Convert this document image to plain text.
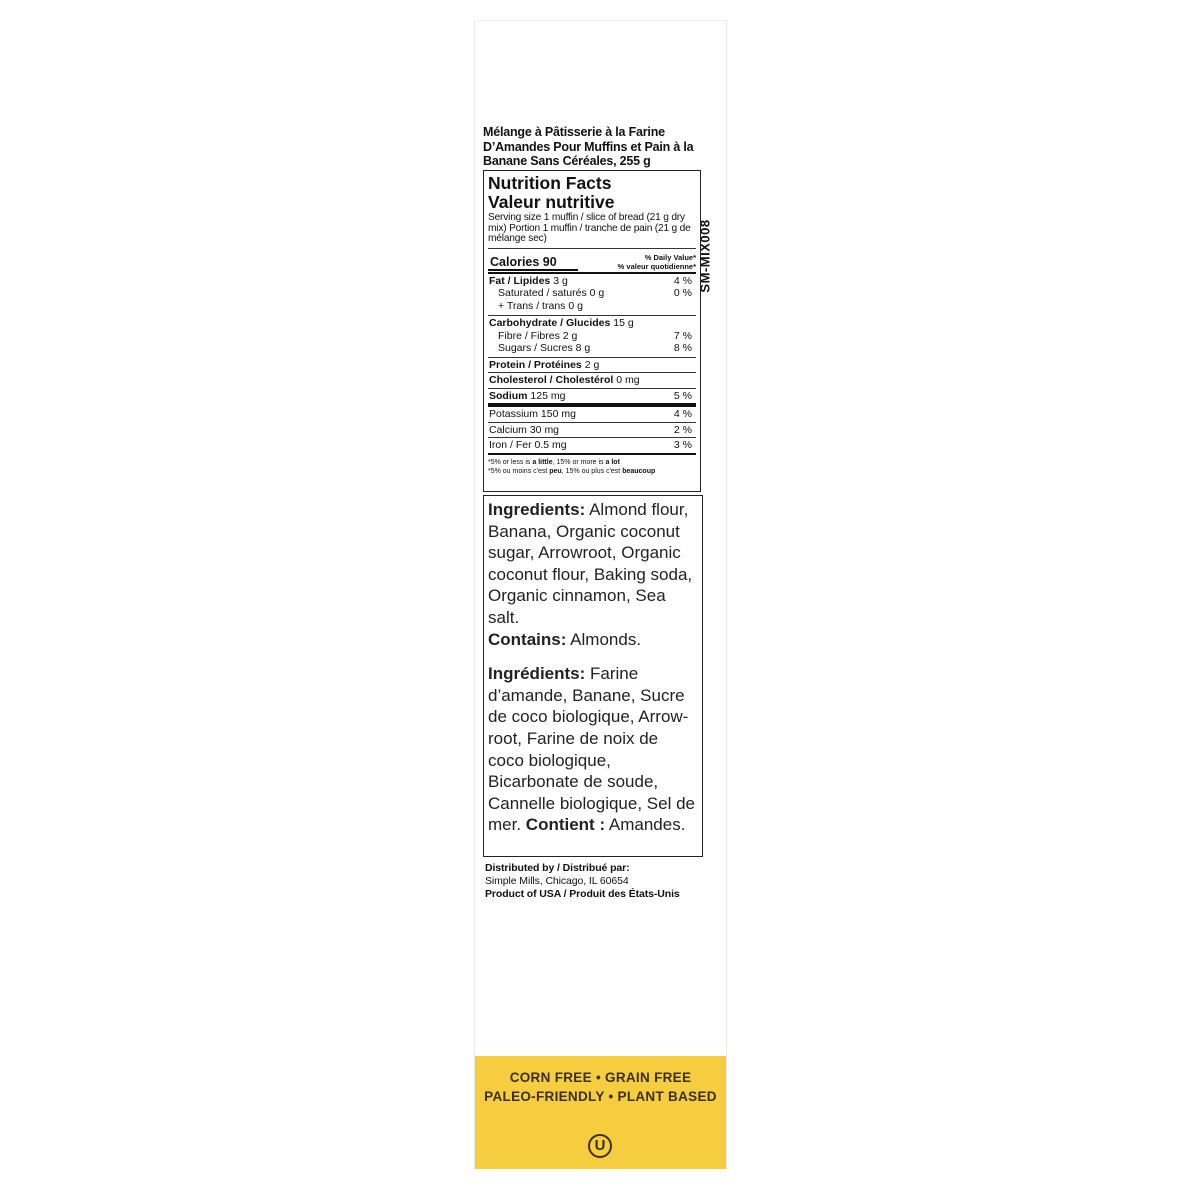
Mélange à Pâtisserie à la Farine D’Amandes Pour Muffins et Pain à la Banane Sans Céréales, 255 g
CORN FREE • GRAIN FREE
PALEO-FRIENDLY • PLANT BASED
U
SM-MIX008
Nutrition Facts
Valeur nutritive
Serving size 1 muffin / slice of bread (21 g dry mix) Portion 1 muffin / tranche de pain (21 g de mélange sec)
Calories 90	% Daily Value*
% valeur quotidienne*
Fat / Lipides 3 g	4 %
Saturated / saturés 0 g	0 %
+ Trans / trans 0 g
Carbohydrate / Glucides 15 g
Fibre / Fibres 2 g	7 %
Sugars / Sucres 8 g	8 %
Protein / Protéines 2 g
Cholesterol / Cholestérol 0 mg
Sodium 125 mg	5 %
Potassium 150 mg	4 %
Calcium 30 mg	2 %
Iron / Fer 0.5 mg	3 %
*5% or less is a little, 15% or more is a lot
*5% ou moins c'est peu, 15% ou plus c'est beaucoup

Ingredients: Almond flour, Banana, Organic coconut sugar, Arrowroot, Organic coconut flour, Baking soda, Organic cinnamon, Sea salt.

Contains: Almonds.

Ingrédients: Farine d’amande, Banane, Sucre de coco biologique, Arrow-root, Farine de noix de coco biologique, Bicarbonate de soude, Cannelle biologique, Sel de mer. Contient : Amandes.

Distributed by / Distribué par:
Simple Mills, Chicago, IL 60654
Product of USA / Produit des États-Unis
